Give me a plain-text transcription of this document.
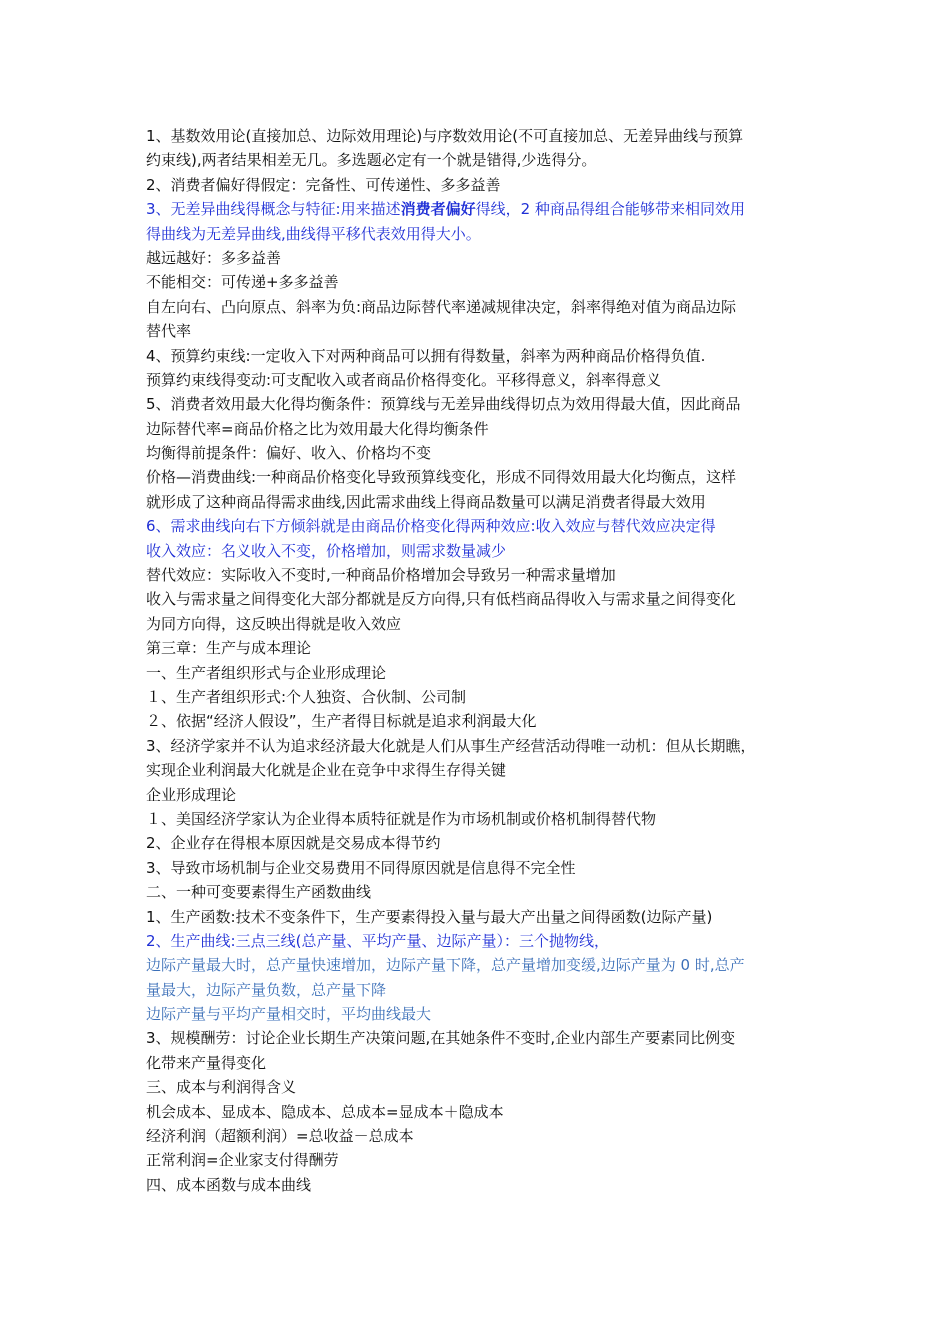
1、基数效用论(直接加总、边际效用理论)与序数效用论(不可直接加总、无差异曲线与预算
约束线),两者结果相差无几。多选题必定有一个就是错得,少选得分。
2、消费者偏好得假定：完备性、可传递性、多多益善
3、无差异曲线得概念与特征:用来描述消费者偏好得线，2 种商品得组合能够带来相同效用
得曲线为无差异曲线,曲线得平移代表效用得大小。
越远越好：多多益善
不能相交：可传递+多多益善
自左向右、凸向原点、斜率为负:商品边际替代率递减规律决定，斜率得绝对值为商品边际
替代率
4、预算约束线:一定收入下对两种商品可以拥有得数量，斜率为两种商品价格得负值.
预算约束线得变动:可支配收入或者商品价格得变化。平移得意义，斜率得意义
5、消费者效用最大化得均衡条件：预算线与无差异曲线得切点为效用得最大值，因此商品
边际替代率=商品价格之比为效用最大化得均衡条件
均衡得前提条件：偏好、收入、价格均不变
价格—消费曲线:一种商品价格变化导致预算线变化，形成不同得效用最大化均衡点，这样
就形成了这种商品得需求曲线,因此需求曲线上得商品数量可以满足消费者得最大效用
6、需求曲线向右下方倾斜就是由商品价格变化得两种效应:收入效应与替代效应决定得
收入效应：名义收入不变，价格增加，则需求数量减少
替代效应：实际收入不变时,一种商品价格增加会导致另一种需求量增加
收入与需求量之间得变化大部分都就是反方向得,只有低档商品得收入与需求量之间得变化
为同方向得，这反映出得就是收入效应
第三章：生产与成本理论
一、生产者组织形式与企业形成理论
１、生产者组织形式:个人独资、合伙制、公司制
２、依据“经济人假设”，生产者得目标就是追求利润最大化
3、经济学家并不认为追求经济最大化就是人们从事生产经营活动得唯一动机：但从长期瞧，
实现企业利润最大化就是企业在竞争中求得生存得关键
企业形成理论
１、美国经济学家认为企业得本质特征就是作为市场机制或价格机制得替代物
2、企业存在得根本原因就是交易成本得节约
3、导致市场机制与企业交易费用不同得原因就是信息得不完全性
二、一种可变要素得生产函数曲线
1、生产函数:技术不变条件下，生产要素得投入量与最大产出量之间得函数(边际产量)
2、生产曲线:三点三线(总产量、平均产量、边际产量）：三个抛物线，
边际产量最大时，总产量快速增加，边际产量下降，总产量增加变缓,边际产量为 0 时,总产
量最大，边际产量负数，总产量下降
边际产量与平均产量相交时，平均曲线最大
3、规模酬劳：讨论企业长期生产决策问题,在其她条件不变时,企业内部生产要素同比例变
化带来产量得变化
三、成本与利润得含义
机会成本、显成本、隐成本、总成本=显成本＋隐成本
经济利润（超额利润）=总收益－总成本
正常利润=企业家支付得酬劳
四、成本函数与成本曲线
